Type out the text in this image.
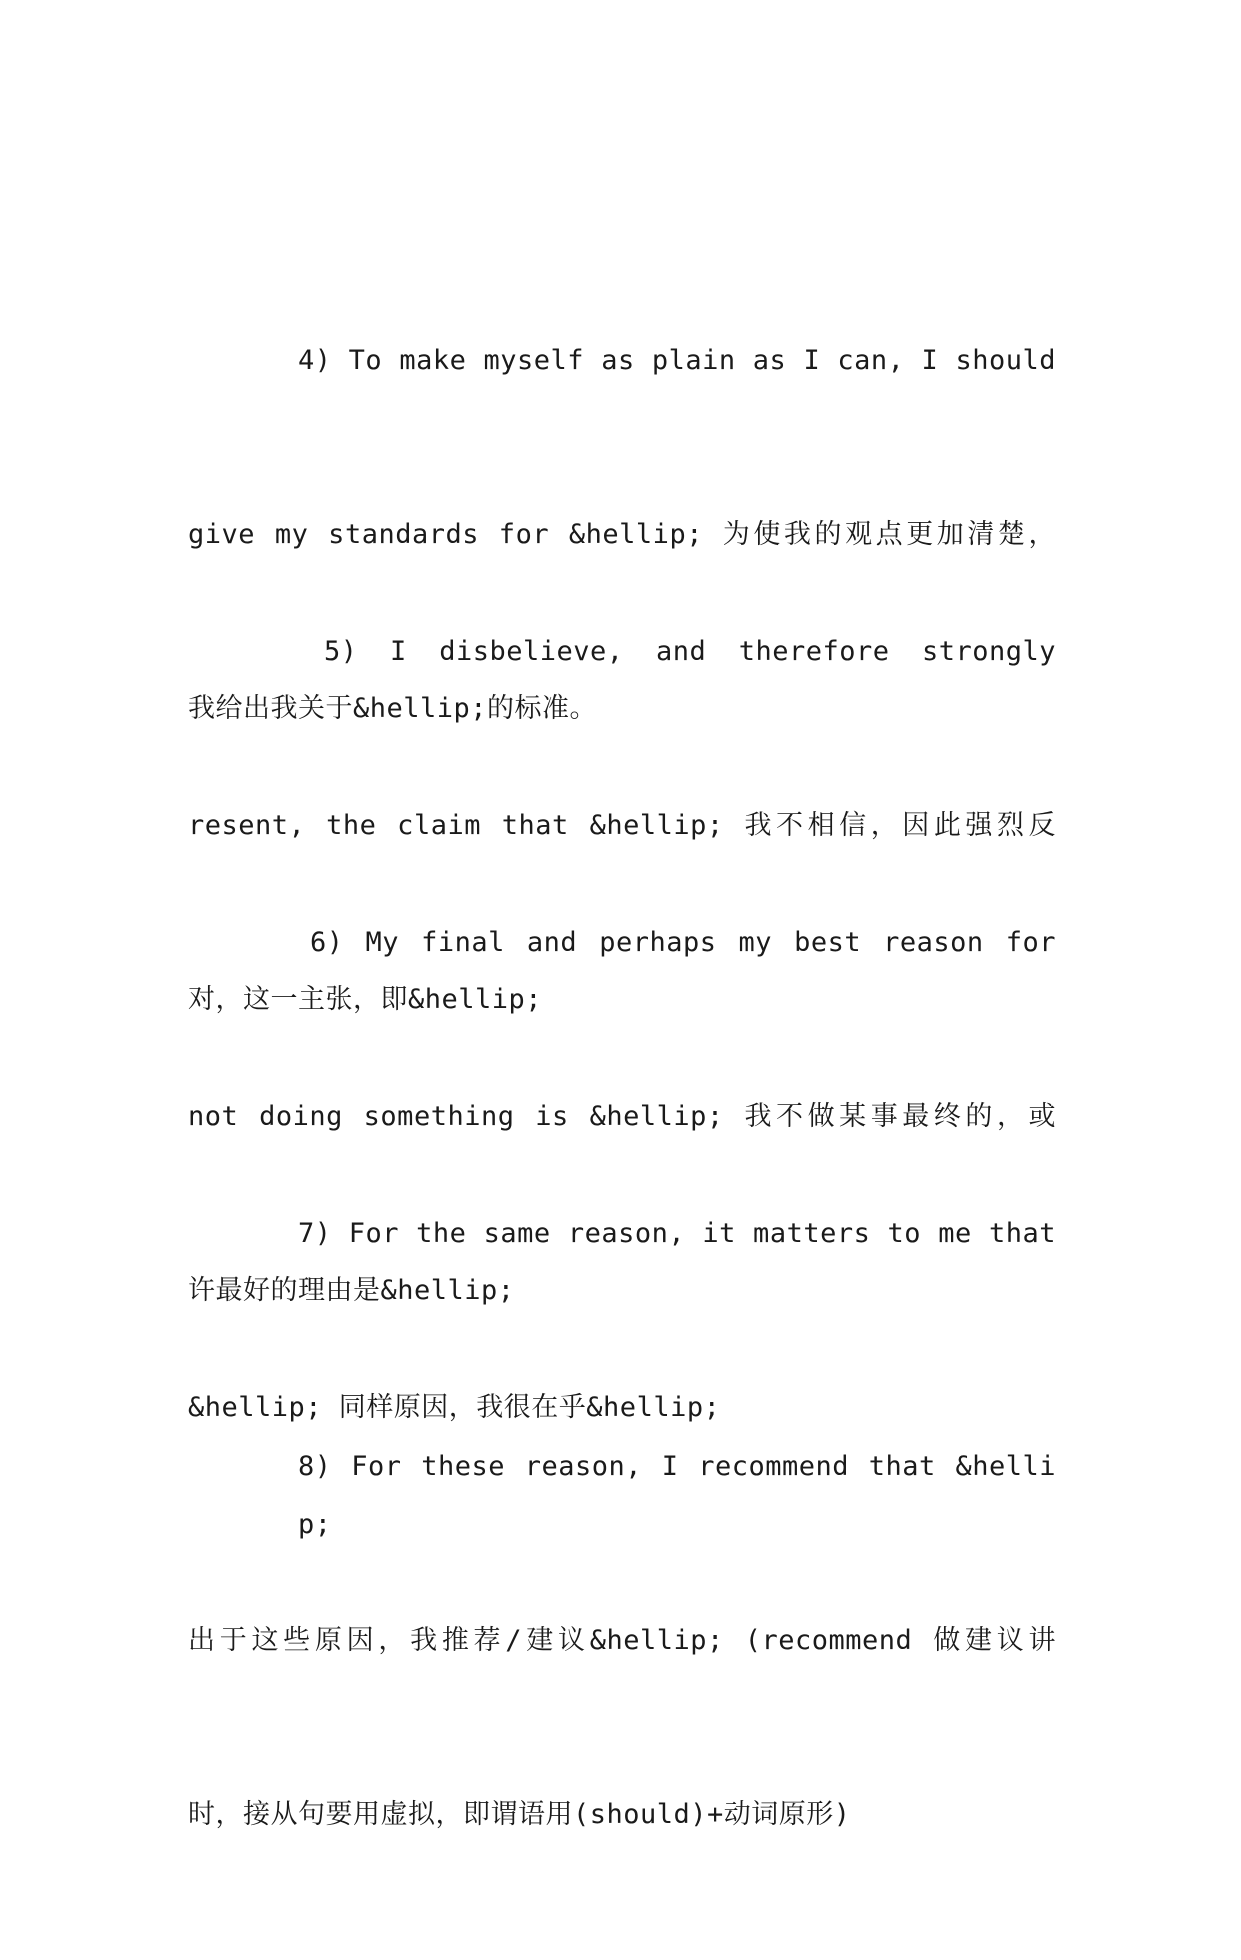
4) To make myself as plain as I can, I should

give my standards for &hellip; 为使我的观点更加清楚，

我给出我关于&hellip;的标准。

5) I disbelieve, and therefore strongly

resent, the claim that &hellip; 我不相信，因此强烈反

对，这一主张，即&hellip;

6) My final and perhaps my best reason for

not doing something is &hellip; 我不做某事最终的，或

许最好的理由是&hellip;

7) For the same reason, it matters to me that

&hellip; 同样原因，我很在乎&hellip;

8) For these reason, I recommend that &hellip;

出于这些原因，我推荐/建议&hellip; (recommend 做建议讲

时，接从句要用虚拟，即谓语用(should)+动词原形)
